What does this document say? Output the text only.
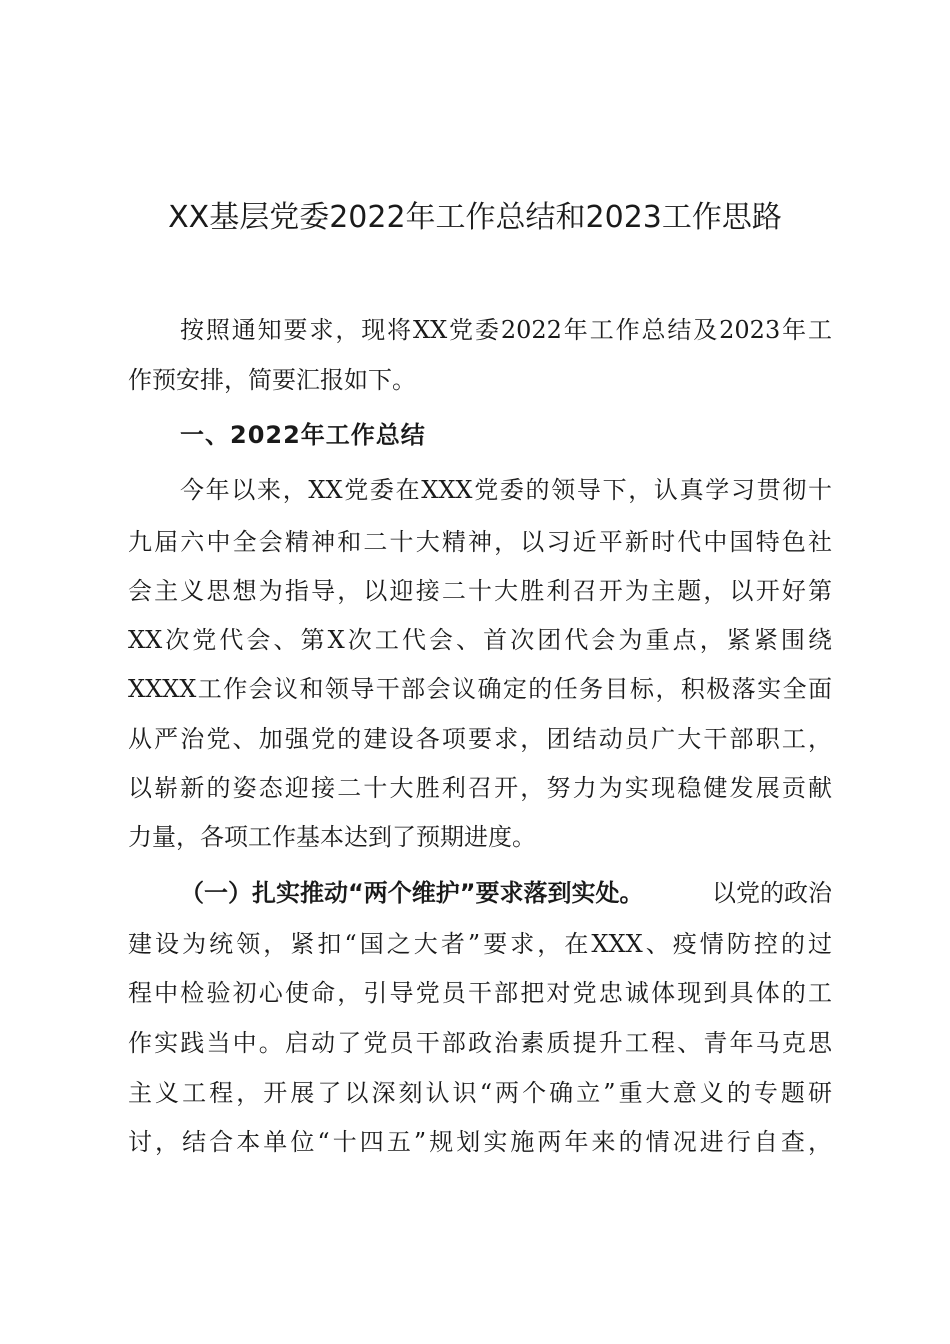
XX基层党委2022年工作总结和2023工作思路
按照通知要求，现将XX党委2022年工作总结及2023年工
作预安排，简要汇报如下。
一、2022年工作总结
今年以来，XX党委在XXX党委的领导下，认真学习贯彻十
九届六中全会精神和二十大精神，以习近平新时代中国特色社
会主义思想为指导，以迎接二十大胜利召开为主题，以开好第
XX次党代会、第X次工代会、首次团代会为重点，紧紧围绕
XXXX工作会议和领导干部会议确定的任务目标，积极落实全面
从严治党、加强党的建设各项要求，团结动员广大干部职工，
以崭新的姿态迎接二十大胜利召开，努力为实现稳健发展贡献
力量，各项工作基本达到了预期进度。
（一）扎实推动“两个维护”要求落到实处。	以党的政治
建设为统领，紧扣“国之大者”要求，在XXX、疫情防控的过
程中检验初心使命，引导党员干部把对党忠诚体现到具体的工
作实践当中。启动了党员干部政治素质提升工程、青年马克思
主义工程，开展了以深刻认识“两个确立”重大意义的专题研
讨，结合本单位“十四五”规划实施两年来的情况进行自查，
